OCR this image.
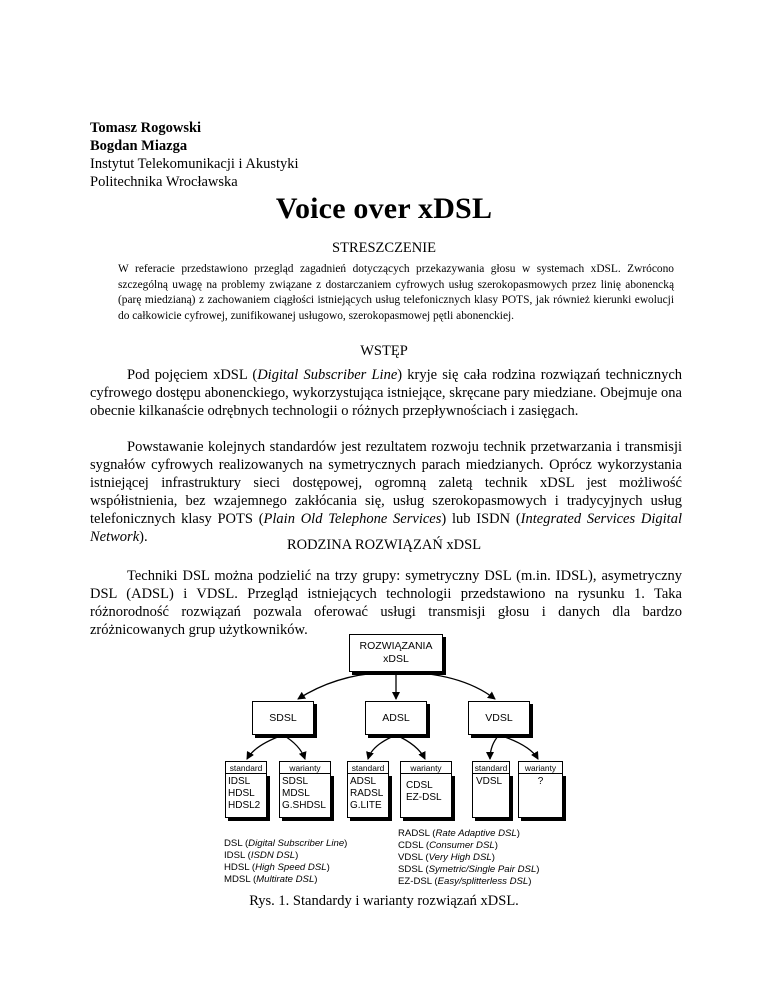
Tomasz Rogowski
Bogdan Miazga
Instytut Telekomunikacji i Akustyki
Politechnika Wrocławska
Voice over xDSL
STRESZCZENIE
W referacie przedstawiono przegląd zagadnień dotyczących przekazywania głosu w systemach xDSL. Zwrócono szczególną uwagę na problemy związane z dostarczaniem cyfrowych usług szerokopasmowych przez linię abonencką (parę miedzianą) z zachowaniem ciągłości istniejących usług telefonicznych klasy POTS, jak również kierunki ewolucji do całkowicie cyfrowej, zunifikowanej usługowo, szerokopasmowej pętli abonenckiej.
WSTĘP

Pod pojęciem xDSL (Digital Subscriber Line) kryje się cała rodzina rozwiązań technicznych cyfrowego dostępu abonenckiego, wykorzystująca istniejące, skręcane pary miedziane. Obejmuje ona obecnie kilkanaście odrębnych technologii o różnych przepływnościach i zasięgach.

Powstawanie kolejnych standardów jest rezultatem rozwoju technik przetwarzania i transmisji sygnałów cyfrowych realizowanych na symetrycznych parach miedzianych. Oprócz wykorzystania istniejącej infrastruktury sieci dostępowej, ogromną zaletą technik xDSL jest możliwość współistnienia, bez wzajemnego zakłócania się, usług szerokopasmowych i tradycyjnych usług telefonicznych klasy POTS (Plain Old Telephone Services) lub ISDN (Integrated Services Digital Network).	RODZINA ROZWIĄZAŃ xDSL

Techniki DSL można podzielić na trzy grupy: symetryczny DSL (m.in. IDSL), asymetryczny DSL (ADSL) i VDSL. Przegląd istniejących technologii przedstawiono na rysunku 1. Taka różnorodność rozwiązań pozwala oferować usługi transmisji głosu i danych dla bardzo zróżnicowanych grup użytkowników.

ROZWIĄZANIA
xDSL
SDSL	ADSL	VDSL
standard
IDSL
HDSL
HDSL2
warianty
SDSL
MDSL
G.SHDSL
standard
ADSL
RADSL
G.LITE
warianty
CDSL
EZ-DSL
standard
VDSL
warianty
?
DSL (Digital Subscriber Line)
IDSL (ISDN DSL)
HDSL (High Speed DSL)
MDSL (Multirate DSL)
RADSL (Rate Adaptive DSL)
CDSL (Consumer DSL)
VDSL (Very High DSL)
SDSL (Symetric/Single Pair DSL)
EZ-DSL (Easy/splitterless DSL)
Rys. 1. Standardy i warianty rozwiązań xDSL.
